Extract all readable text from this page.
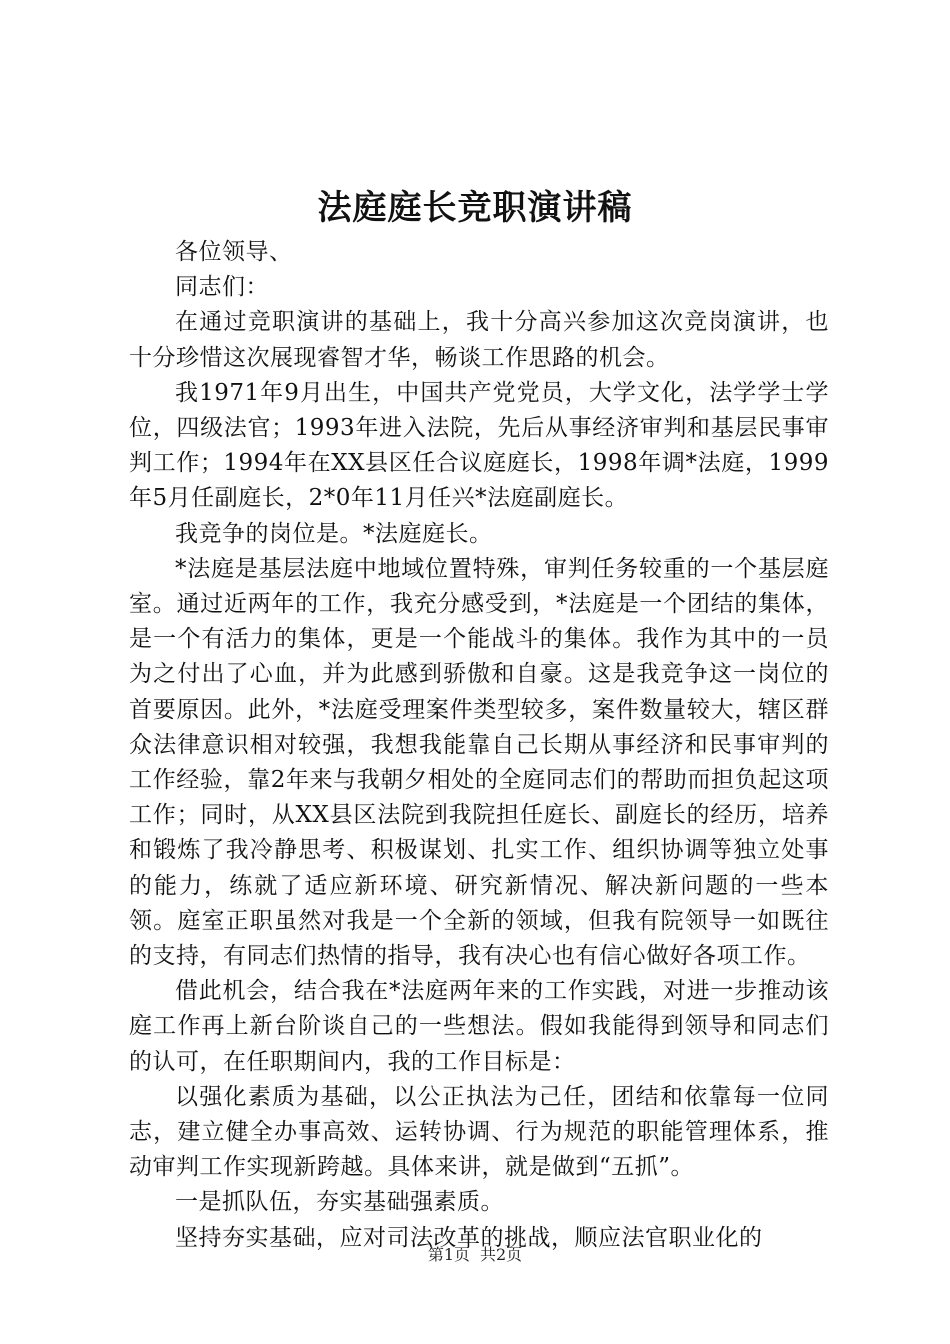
法庭庭长竞职演讲稿

各位领导、

同志们：

在通过竞职演讲的基础上，我十分高兴参加这次竞岗演讲，也十分珍惜这次展现睿智才华，畅谈工作思路的机会。

我1971年9月出生，中国共产党党员，大学文化，法学学士学位，四级法官；1993年进入法院，先后从事经济审判和基层民事审判工作；1994年在XX县区任合议庭庭长，1998年调*法庭，1999年5月任副庭长，2*0年11月任兴*法庭副庭长。

我竞争的岗位是。*法庭庭长。

*法庭是基层法庭中地域位置特殊，审判任务较重的一个基层庭室。通过近两年的工作，我充分感受到，*法庭是一个团结的集体，是一个有活力的集体，更是一个能战斗的集体。我作为其中的一员为之付出了心血，并为此感到骄傲和自豪。这是我竞争这一岗位的首要原因。此外，*法庭受理案件类型较多，案件数量较大，辖区群众法律意识相对较强，我想我能靠自己长期从事经济和民事审判的工作经验，靠2年来与我朝夕相处的全庭同志们的帮助而担负起这项工作；同时，从XX县区法院到我院担任庭长、副庭长的经历，培养和锻炼了我冷静思考、积极谋划、扎实工作、组织协调等独立处事的能力，练就了适应新环境、研究新情况、解决新问题的一些本领。庭室正职虽然对我是一个全新的领域，但我有院领导一如既往的支持，有同志们热情的指导，我有决心也有信心做好各项工作。

借此机会，结合我在*法庭两年来的工作实践，对进一步推动该庭工作再上新台阶谈自己的一些想法。假如我能得到领导和同志们的认可，在任职期间内，我的工作目标是：

以强化素质为基础，以公正执法为己任，团结和依靠每一位同志，建立健全办事高效、运转协调、行为规范的职能管理体系，推动审判工作实现新跨越。具体来讲，就是做到“五抓”。

一是抓队伍，夯实基础强素质。

坚持夯实基础，应对司法改革的挑战，顺应法官职业化的

第1页 共2页
